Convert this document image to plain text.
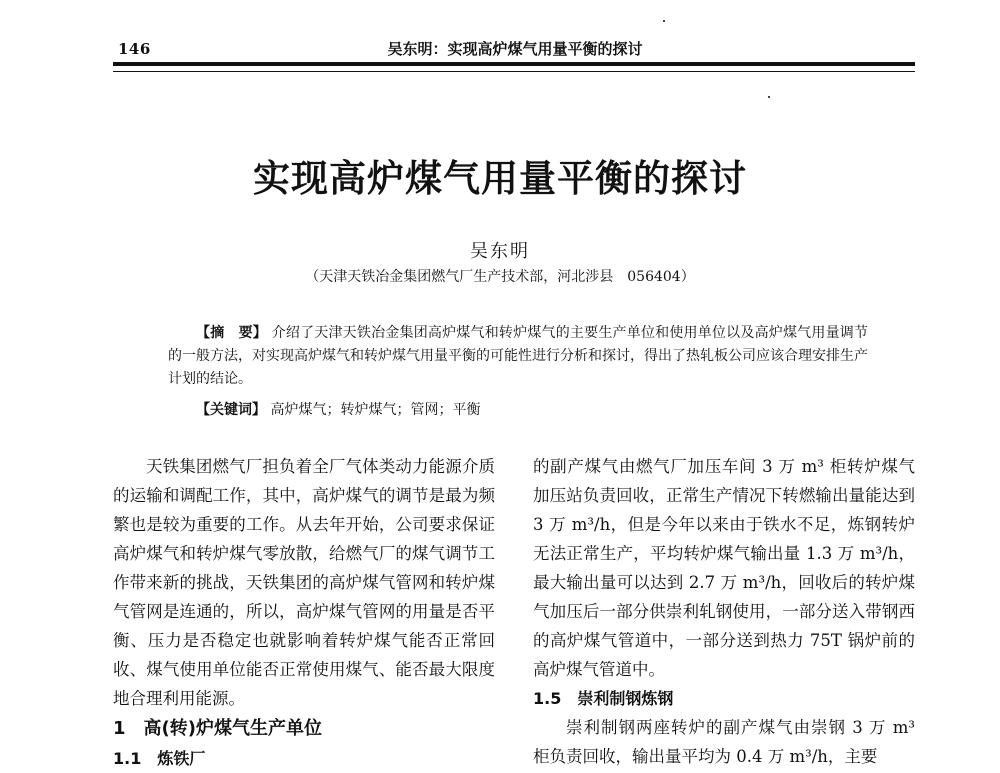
146	吴东明：实现高炉煤气用量平衡的探讨
实现高炉煤气用量平衡的探讨
吴东明
（天津天铁冶金集团燃气厂生产技术部，河北涉县　056404）
【摘　要】 介绍了天津天铁冶金集团高炉煤气和转炉煤气的主要生产单位和使用单位以及高炉煤气用量调节的一般方法，对实现高炉煤气和转炉煤气用量平衡的可能性进行分析和探讨，得出了热轧板公司应该合理安排生产计划的结论。
【关键词】 高炉煤气；转炉煤气；管网；平衡

天铁集团燃气厂担负着全厂气体类动力能源介质的运输和调配工作，其中，高炉煤气的调节是最为频繁也是较为重要的工作。从去年开始，公司要求保证高炉煤气和转炉煤气零放散，给燃气厂的煤气调节工作带来新的挑战，天铁集团的高炉煤气管网和转炉煤气管网是连通的，所以，高炉煤气管网的用量是否平衡、压力是否稳定也就影响着转炉煤气能否正常回收、煤气使用单位能否正常使用煤气、能否最大限度地合理利用能源。

1　高(转)炉煤气生产单位

1.1　炼铁厂

的副产煤气由燃气厂加压车间 3 万 m³ 柜转炉煤气加压站负责回收，正常生产情况下转燃输出量能达到 3 万 m³/h，但是今年以来由于铁水不足，炼钢转炉无法正常生产，平均转炉煤气输出量 1.3 万 m³/h，最大输出量可以达到 2.7 万 m³/h，回收后的转炉煤气加压后一部分供崇利轧钢使用，一部分送入带钢西的高炉煤气管道中，一部分送到热力 75T 锅炉前的高炉煤气管道中。

1.5　崇利制钢炼钢

崇利制钢两座转炉的副产煤气由崇钢 3 万 m³ 柜负责回收，输出量平均为 0.4 万 m³/h，主要
